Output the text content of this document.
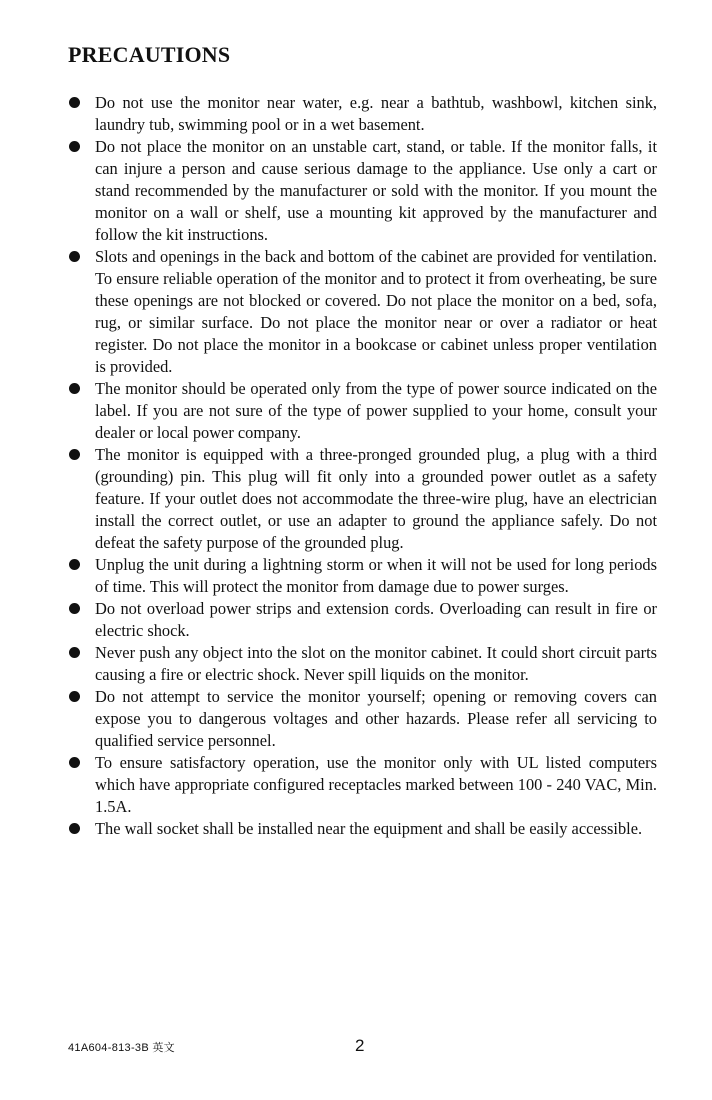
PRECAUTIONS
Do not use the monitor near water, e.g. near a bathtub, washbowl, kitchen sink, laundry tub, swimming pool or in a wet basement.
Do not place the monitor on an unstable cart, stand, or table. If the monitor falls, it can injure a person and cause serious damage to the appliance. Use only a cart or stand recommended by the manufacturer or sold with the monitor. If you mount the monitor on a wall or shelf, use a mounting kit approved by the manufacturer and follow the kit instructions.
Slots and openings in the back and bottom of the cabinet are provided for ventilation. To ensure reliable operation of the monitor and to protect it from overheating, be sure these openings are not blocked or covered. Do not place the monitor on a bed, sofa, rug, or similar surface. Do not place the monitor near or over a radiator or heat register. Do not place the monitor in a bookcase or cabinet unless proper ventilation is provided.
The monitor should be operated only from the type of power source indicated on the label. If you are not sure of the type of power supplied to your home, consult your dealer or local power company.
The monitor is equipped with a three-pronged grounded plug, a plug with a third (grounding) pin. This plug will fit only into a grounded power outlet as a safety feature. If your outlet does not accommodate the three-wire plug, have an electrician install the correct outlet, or use an adapter to ground the appliance safely. Do not defeat the safety purpose of the grounded plug.
Unplug the unit during a lightning storm or when it will not be used for long periods of time. This will protect the monitor from damage due to power surges.
Do not overload power strips and extension cords. Overloading can result in fire or electric shock.
Never push any object into the slot on the monitor cabinet. It could short circuit parts causing a fire or electric shock. Never spill liquids on the monitor.
Do not attempt to service the monitor yourself; opening or removing covers can expose you to dangerous voltages and other hazards. Please refer all servicing to qualified service personnel.
To ensure satisfactory operation, use the monitor only with UL listed computers which have appropriate configured receptacles marked between 100 - 240 VAC, Min. 1.5A.
The wall socket shall be installed near the equipment and shall be easily accessible.
41A604-813-3B 英文	2
